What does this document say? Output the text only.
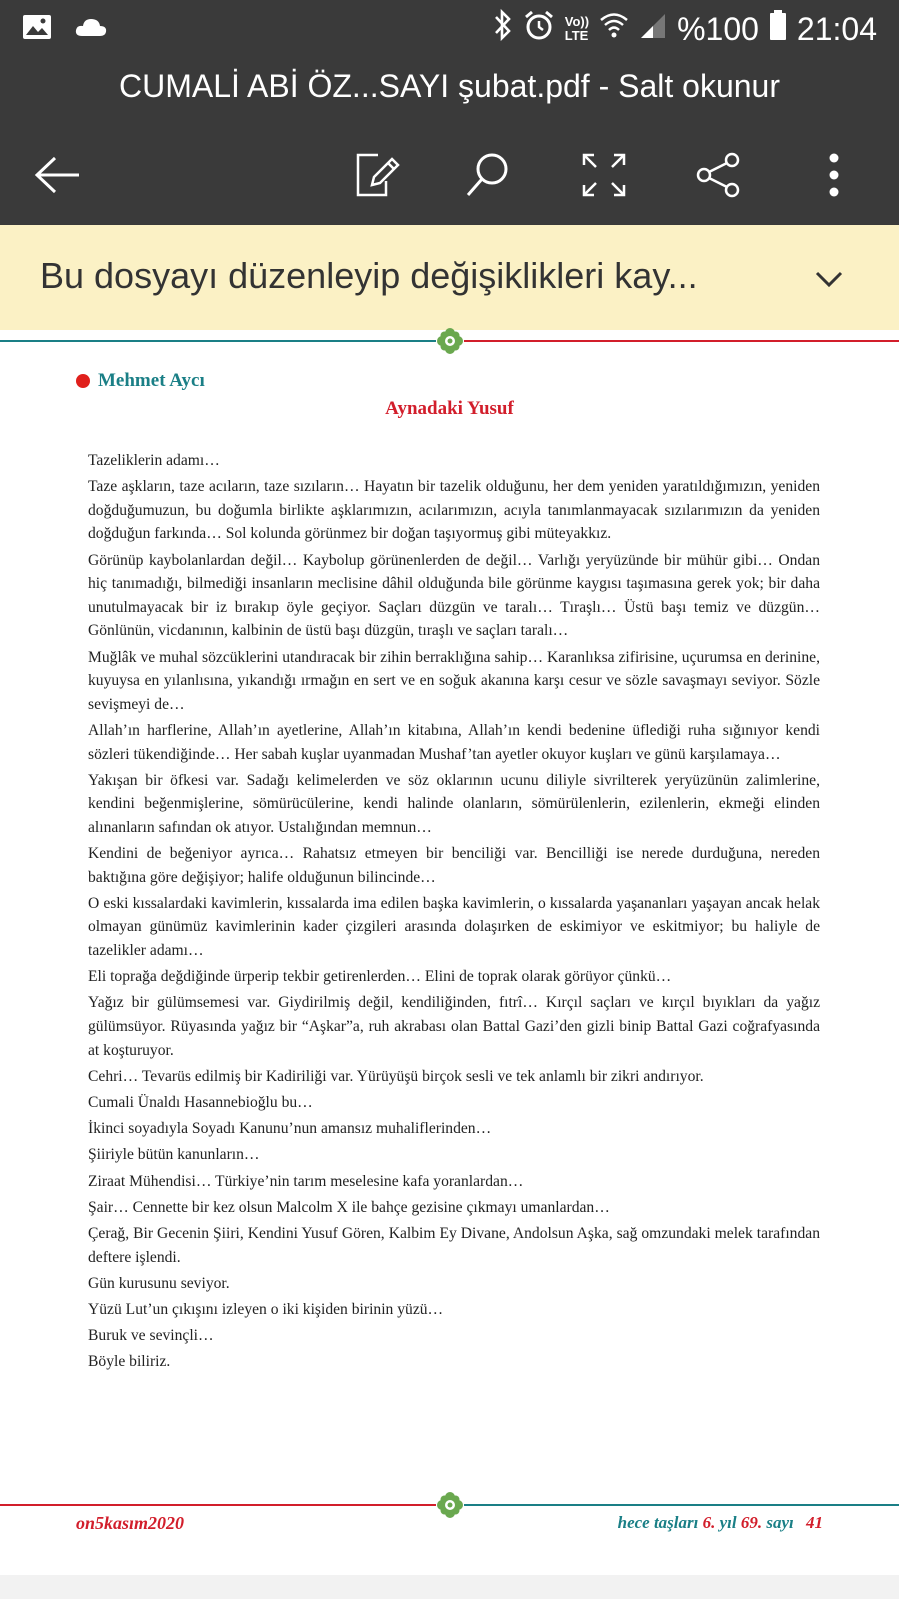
Vo))
LTE	%100 21:04
CUMALİ ABİ ÖZ...SAYI şubat.pdf - Salt okunur
Bu dosyayı düzenleyip değişiklikleri kay...
Mehmet Aycı
Aynadaki Yusuf

Tazeliklerin adamı…

Taze aşkların, taze acıların, taze sızıların… Hayatın bir tazelik olduğunu, her dem yeniden yaratıldığımızın, yeniden doğduğumuzun, bu doğumla birlikte aşklarımızın, acılarımızın, acıyla tanımlanmayacak sızılarımızın da yeniden doğduğun farkında… Sol kolunda görünmez bir doğan taşıyormuş gibi müteyakkız.

Görünüp kaybolanlardan değil… Kaybolup görünenlerden de değil… Varlığı yeryüzünde bir mühür gibi… Ondan hiç tanımadığı, bilmediği insanların meclisine dâhil olduğunda bile görünme kaygısı taşımasına gerek yok; bir daha unutulmayacak bir iz bırakıp öyle geçiyor. Saçları düzgün ve taralı… Tıraşlı… Üstü başı temiz ve düzgün… Gönlünün, vicdanının, kalbinin de üstü başı düzgün, tıraşlı ve saçları taralı…

Muğlâk ve muhal sözcüklerini utandıracak bir zihin berraklığına sahip… Karanlıksa zifirisine, uçurumsa en derinine, kuyuysa en yılanlısına, yıkandığı ırmağın en sert ve en soğuk akanına karşı cesur ve sözle savaşmayı seviyor. Sözle sevişmeyi de…

Allah’ın harflerine, Allah’ın ayetlerine, Allah’ın kitabına, Allah’ın kendi bedenine üflediği ruha sığınıyor kendi sözleri tükendiğinde… Her sabah kuşlar uyanmadan Mushaf’tan ayetler okuyor kuşları ve günü karşılamaya…

Yakışan bir öfkesi var. Sadağı kelimelerden ve söz oklarının ucunu diliyle sivrilterek yeryüzünün zalimlerine, kendini beğenmişlerine, sömürücülerine, kendi halinde olanların, sömürülenlerin, ezilenlerin, ekmeği elinden alınanların safından ok atıyor. Ustalığından memnun…

Kendini de beğeniyor ayrıca… Rahatsız etmeyen bir benciliği var. Bencilliği ise nerede durduğuna, nereden baktığına göre değişiyor; halife olduğunun bilincinde…

O eski kıssalardaki kavimlerin, kıssalarda ima edilen başka kavimlerin, o kıssalarda yaşananları yaşayan ancak helak olmayan günümüz kavimlerinin kader çizgileri arasında dolaşırken de eskimiyor ve eskitmiyor; bu haliyle de tazelikler adamı…

Eli toprağa değdiğinde ürperip tekbir getirenlerden… Elini de toprak olarak görüyor çünkü…

Yağız bir gülümsemesi var. Giydirilmiş değil, kendiliğinden, fıtrî… Kırçıl saçları ve kırçıl bıyıkları da yağız gülümsüyor. Rüyasında yağız bir “Aşkar”a, ruh akrabası olan Battal Gazi’den gizli binip Battal Gazi coğrafyasında at koşturuyor.

Cehri… Tevarüs edilmiş bir Kadiriliği var. Yürüyüşü birçok sesli ve tek anlamlı bir zikri andırıyor.

Cumali Ünaldı Hasannebioğlu bu…

İkinci soyadıyla Soyadı Kanunu’nun amansız muhaliflerinden…

Şiiriyle bütün kanunların…

Ziraat Mühendisi… Türkiye’nin tarım meselesine kafa yoranlardan…

Şair… Cennette bir kez olsun Malcolm X ile bahçe gezisine çıkmayı umanlardan…

Çerağ, Bir Gecenin Şiiri, Kendini Yusuf Gören, Kalbim Ey Divane, Andolsun Aşka, sağ omzundaki melek tarafından deftere işlendi.

Gün kurusunu seviyor.

Yüzü Lut’un çıkışını izleyen o iki kişiden birinin yüzü…

Buruk ve sevinçli…

Böyle biliriz.

on5kasım2020	hece taşları 6. yıl 69. sayı 41
